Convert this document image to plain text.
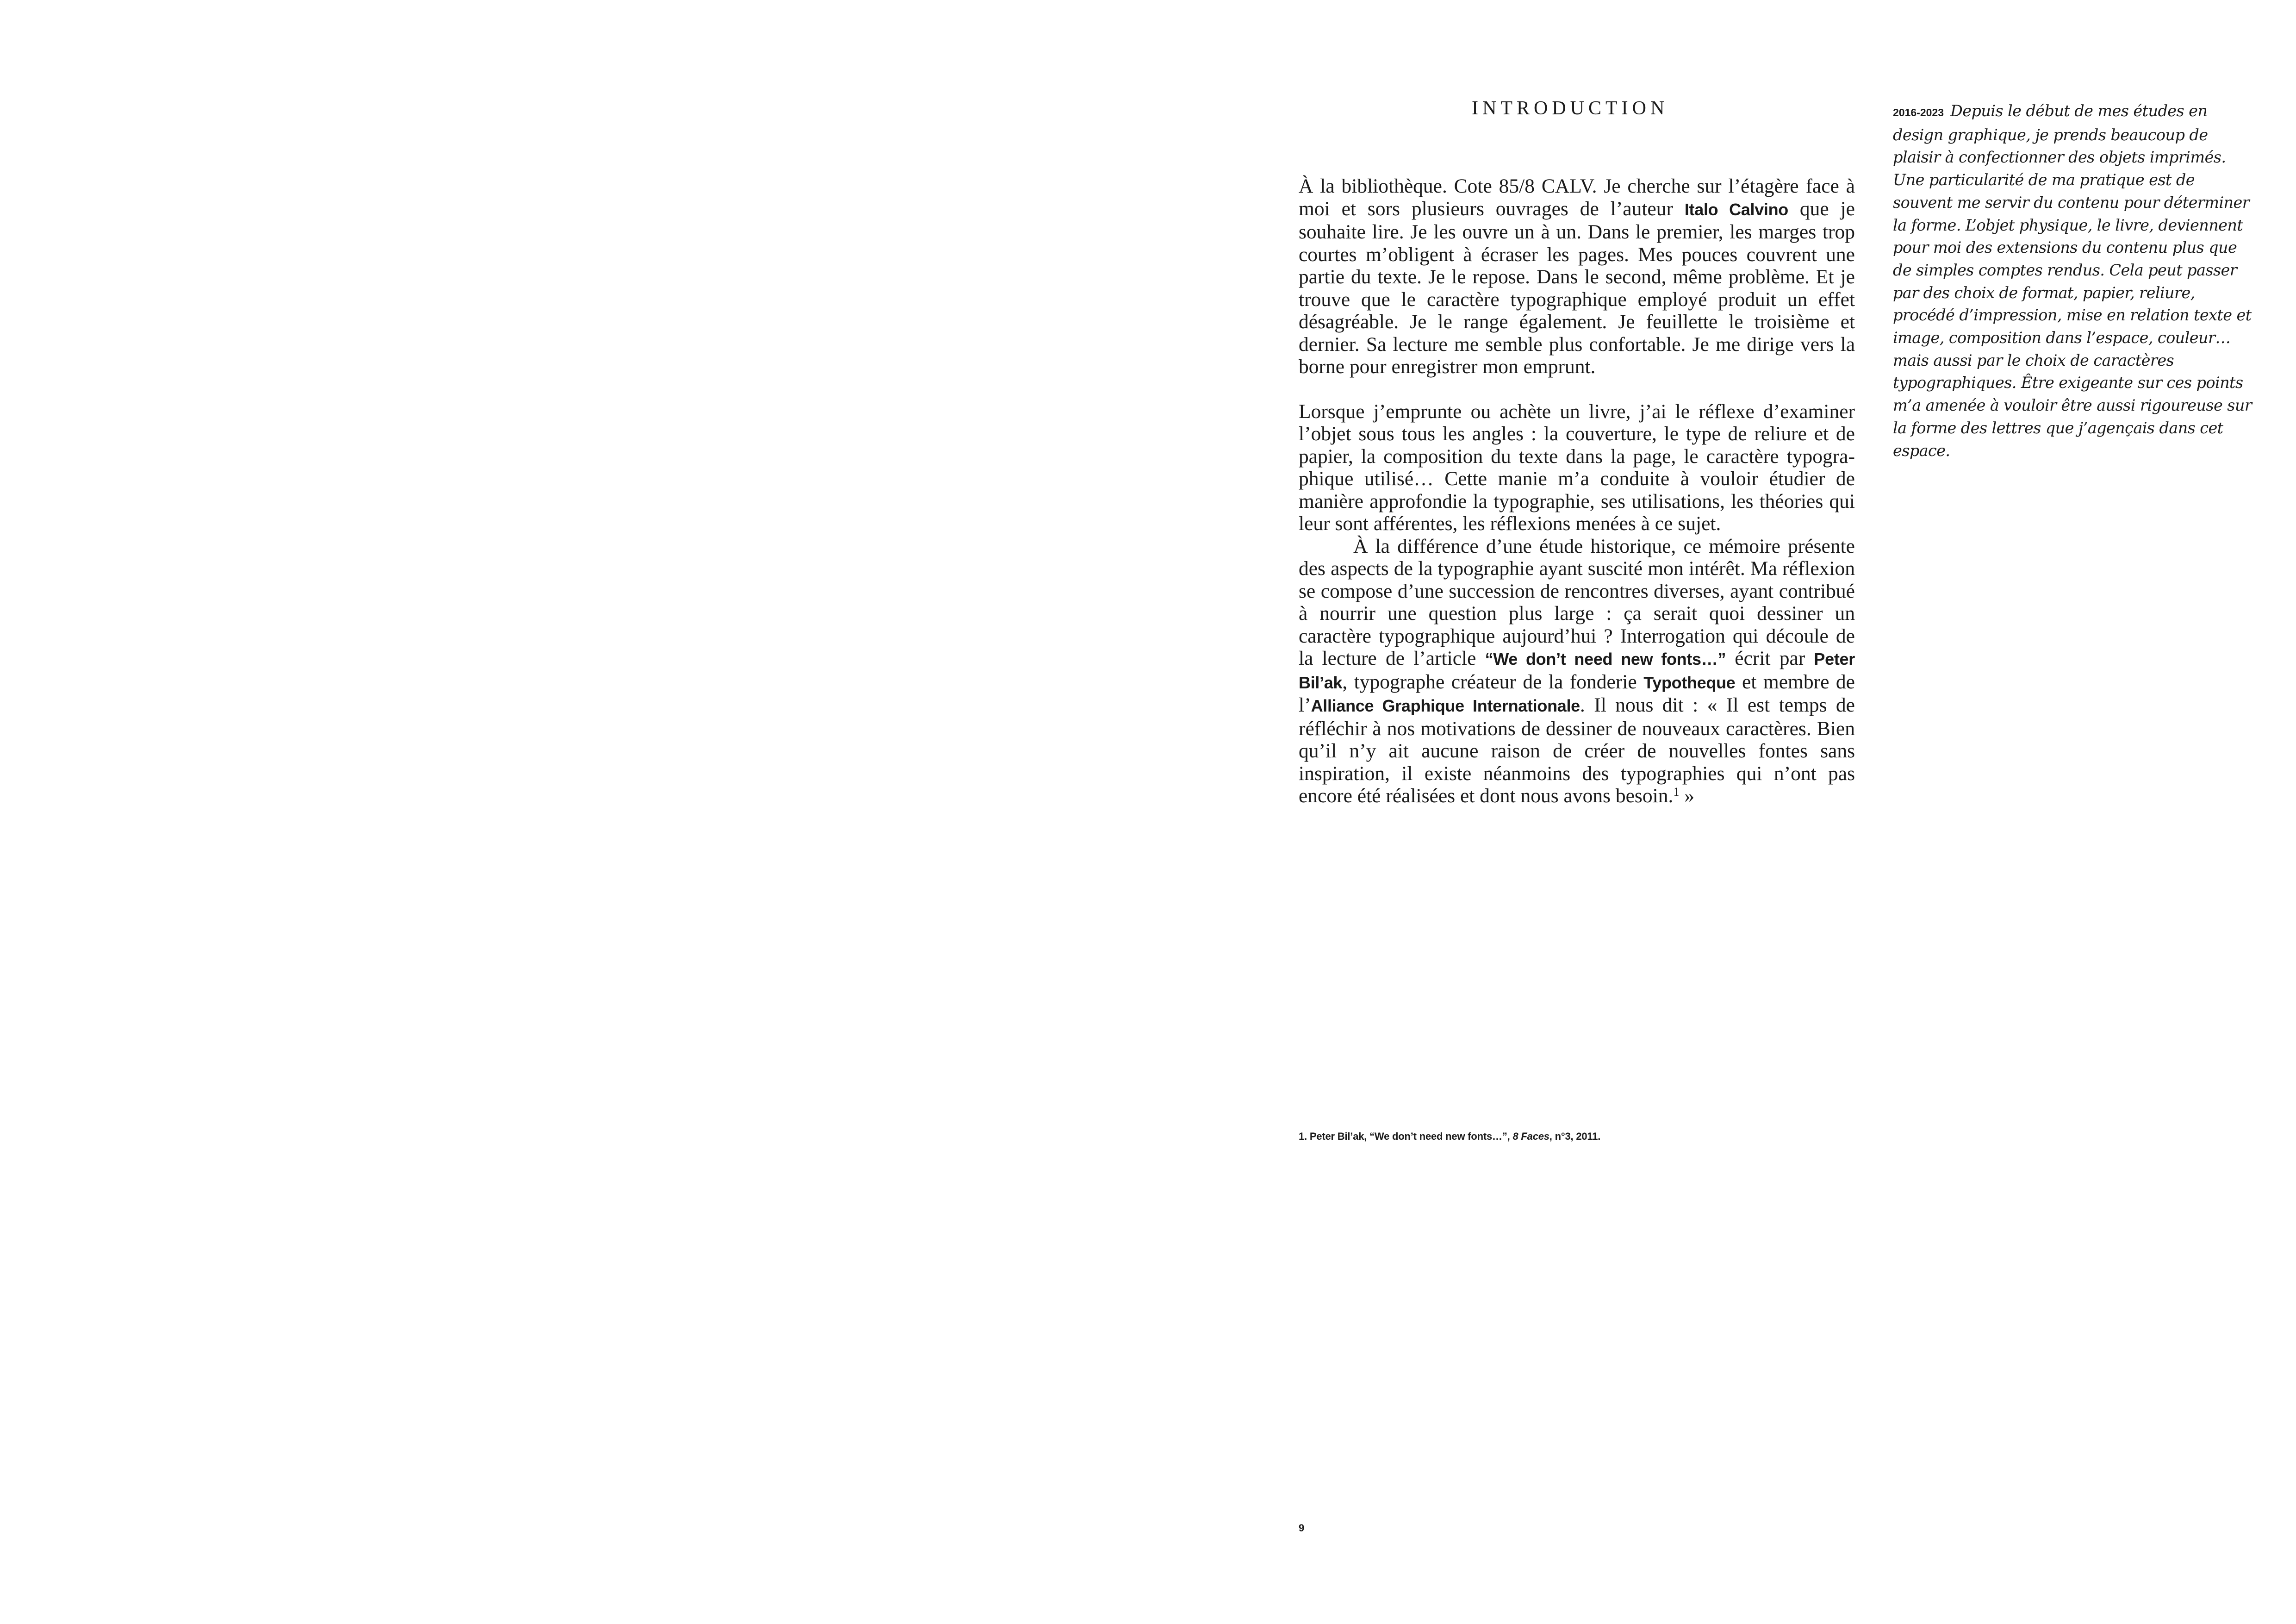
INTRODUCTION

À la bibliothèque. Cote 85/8 CALV. Je cherche sur l’étagère face à moi et sors plusieurs ouvrages de l’auteur Italo Calvino que je souhaite lire. Je les ouvre un à un. Dans le premier, les marges trop courtes m’obligent à écraser les pages. Mes pouces couvrent une partie du texte. Je le repose. Dans le second, même problème. Et je trouve que le caractère typographique employé produit un effet désagréable. Je le range également. Je feuillette le troisième et dernier. Sa lecture me semble plus confortable. Je me dirige vers la borne pour enregistrer mon emprunt.

Lorsque j’emprunte ou achète un livre, j’ai le réflexe d’examiner l’objet sous tous les angles : la couverture, le type de reliure et de papier, la composition du texte dans la page, le caractère typographique utilisé… Cette manie m’a conduite à vouloir étudier de manière approfondie la typographie, ses utilisations, les théories qui leur sont afférentes, les réflexions menées à ce sujet.

À la différence d’une étude historique, ce mémoire présente des aspects de la typographie ayant suscité mon intérêt. Ma réflexion se compose d’une succession de rencontres diverses, ayant contribué à nourrir une question plus large : ça serait quoi dessiner un caractère typographique aujourd’hui ? Interrogation qui découle de la lecture de l’article “We don’t need new fonts…” écrit par Peter Bil’ak, typographe créateur de la fonderie Typotheque et membre de l’Alliance Graphique Internationale. Il nous dit : « Il est temps de réfléchir à nos motivations de dessiner de nouveaux caractères. Bien qu’il n’y ait aucune raison de créer de nouvelles fontes sans inspiration, il existe néanmoins des typographies qui n’ont pas encore été réalisées et dont nous avons besoin.$^1$ »

2016-2023 Depuis le début de mes études en design graphique, je prends beaucoup de plaisir à confectionner des objets imprimés. Une particularité de ma pratique est de souvent me servir du contenu pour déterminer la forme. L’objet physique, le livre, deviennent pour moi des extensions du contenu plus que de simples comptes rendus. Cela peut passer par des choix de format, papier, reliure, procédé d’impression, mise en relation texte et image, composition dans l’espace, couleur… mais aussi par le choix de caractères typographiques. Être exigeante sur ces points m’a amenée à vouloir être aussi rigoureuse sur la forme des lettres que j’agençais dans cet espace.
1. Peter Bil’ak, “We don’t need new fonts…”, 8 Faces, n°3, 2011.
9
